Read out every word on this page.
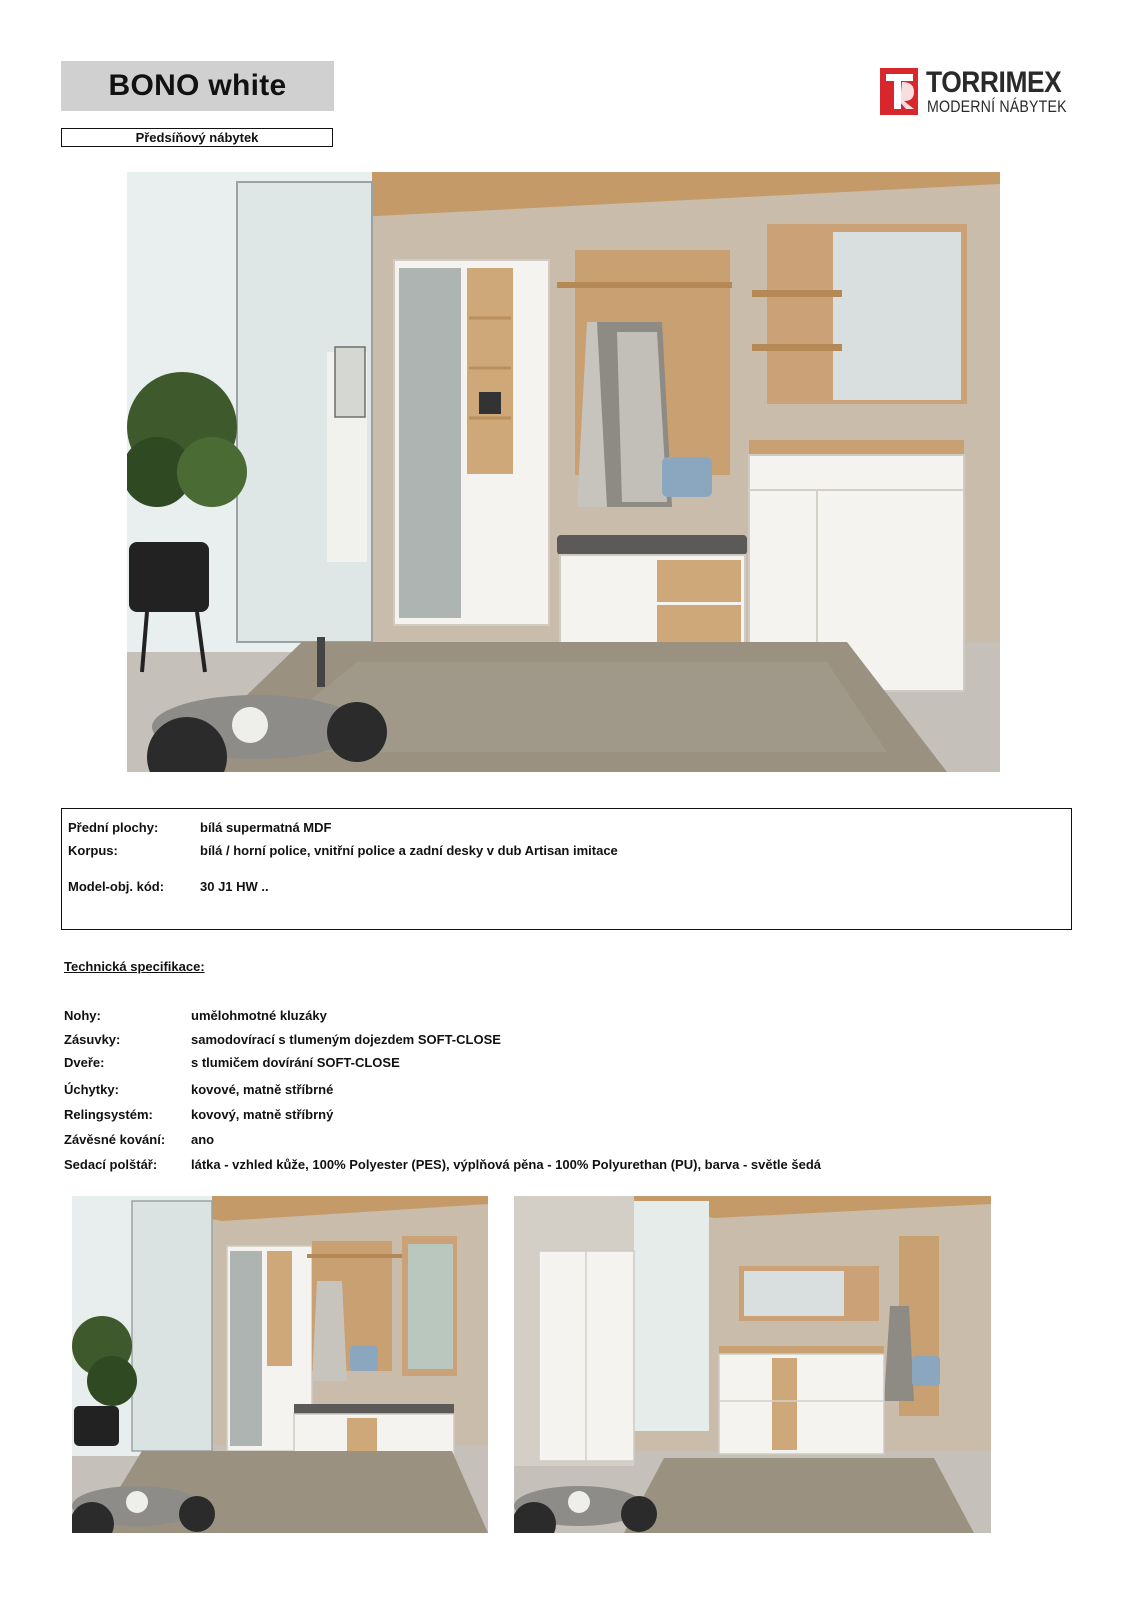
BONO white
Předsíňový nábytek
TORRIMEX
MODERNÍ NÁBYTEK
Přední plochy:	bílá supermatná MDF
Korpus:	bílá / horní police, vnitřní police a zadní desky v dub Artisan imitace
Model-obj. kód:	30 J1 HW ..
Technická specifikace:
Nohy:	umělohmotné kluzáky
Zásuvky:	samodovírací s tlumeným dojezdem SOFT-CLOSE
Dveře:	s tlumičem dovírání SOFT-CLOSE
Úchytky:	kovové, matně stříbrné
Relingsystém:	kovový, matně stříbrný
Závěsné kování: ano
Sedací polštář:	látka - vzhled kůže, 100% Polyester (PES), výplňová pěna - 100% Polyurethan (PU), barva - světle šedá
